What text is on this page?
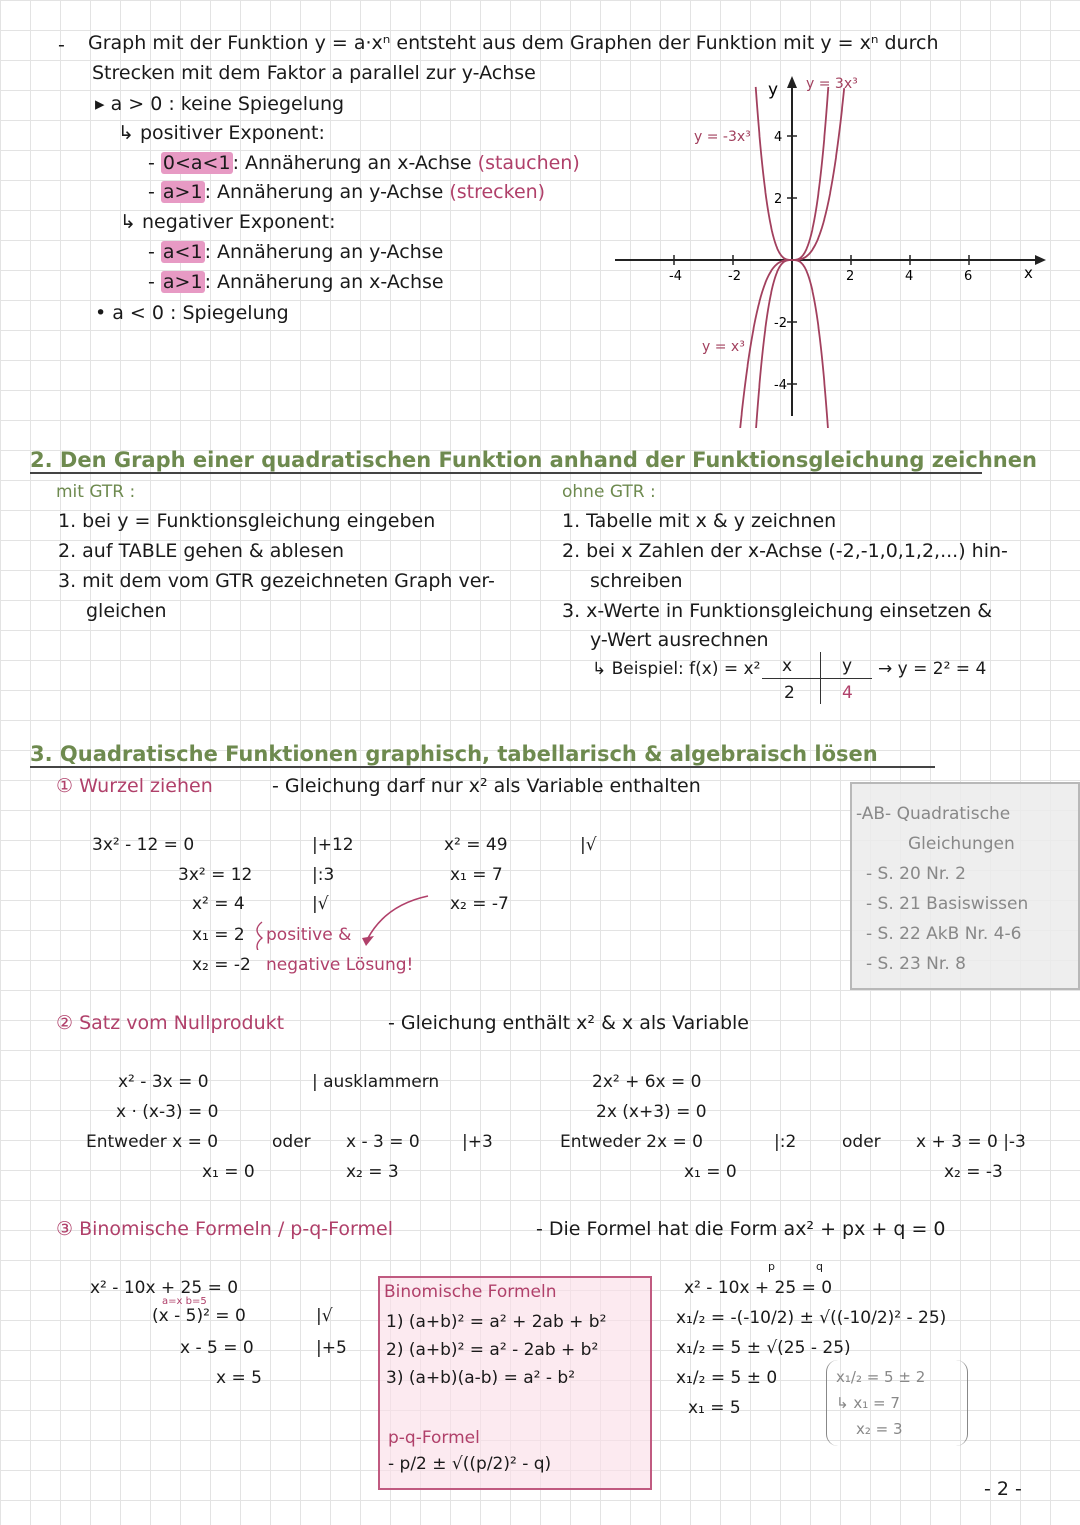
- Graph mit der Funktion y = a·xⁿ entsteht aus dem Graphen der Funktion mit y = xⁿ durch
Strecken mit dem Faktor a parallel zur y-Achse
▸ a > 0 : keine Spiegelung
↳ positiver Exponent:
- 0<a<1 : Annäherung an x-Achse (stauchen)
- a>1 : Annäherung an y-Achse (strecken)
↳ negativer Exponent:
- a<1 : Annäherung an y-Achse
- a>1 : Annäherung an x-Achse
• a < 0 : Spiegelung
y
x
y = 3x³
y = -3x³
y = x³
-4	-2	2	4	6
4
2
-2
-4
2. Den Graph einer quadratischen Funktion anhand der Funktionsgleichung zeichnen
mit GTR :
1. bei y = Funktionsgleichung eingeben
2. auf TABLE gehen & ablesen
3. mit dem vom GTR gezeichneten Graph ver-
gleichen
ohne GTR :
1. Tabelle mit x & y zeichnen
2. bei x Zahlen der x-Achse (-2,-1,0,1,2,...) hin-
schreiben
3. x-Werte in Funktionsgleichung einsetzen &
y-Wert ausrechnen
↳ Beispiel: f(x) = x² x	y
2	4
→ y = 2² = 4
3. Quadratische Funktionen graphisch, tabellarisch & algebraisch lösen
① Wurzel ziehen	- Gleichung darf nur x² als Variable enthalten
3x² - 12 = 0	|+12
3x² = 12	|:3
x² = 4	|√
x₁ = 2
x₂ = -2
positive &
negative Lösung!
x² = 49
x₁ = 7
x₂ = -7
|√
-AB- Quadratische
Gleichungen
- S. 20 Nr. 2
- S. 21 Basiswissen
- S. 22 AkB Nr. 4-6
- S. 23 Nr. 8
② Satz vom Nullprodukt	- Gleichung enthält x² & x als Variable
x² - 3x = 0	| ausklammern
x · (x-3) = 0
Entweder x = 0	oder x - 3 = 0 |+3
x₁ = 0	x₂ = 3
2x² + 6x = 0
2x (x+3) = 0
Entweder 2x = 0	|:2	oder x + 3 = 0 |-3
x₁ = 0	x₂ = -3
③ Binomische Formeln / p-q-Formel	- Die Formel hat die Form ax² + px + q = 0
x² - 10x + 25 = 0
a=x b=5
(x - 5)² = 0	|√
x - 5 = 0	|+5
x = 5
Binomische Formeln
1) (a+b)² = a² + 2ab + b²
2) (a+b)² = a² - 2ab + b²
3) (a+b)(a-b) = a² - b²
p-q-Formel
- p/2 ± √((p/2)² - q)
p	q
x² - 10x + 25 = 0
x₁/₂ = -(-10/2) ± √((-10/2)² - 25)
x₁/₂ = 5 ± √(25 - 25)
x₁/₂ = 5 ± 0
x₁ = 5
x₁/₂ = 5 ± 2
↳ x₁ = 7
x₂ = 3
- 2 -
